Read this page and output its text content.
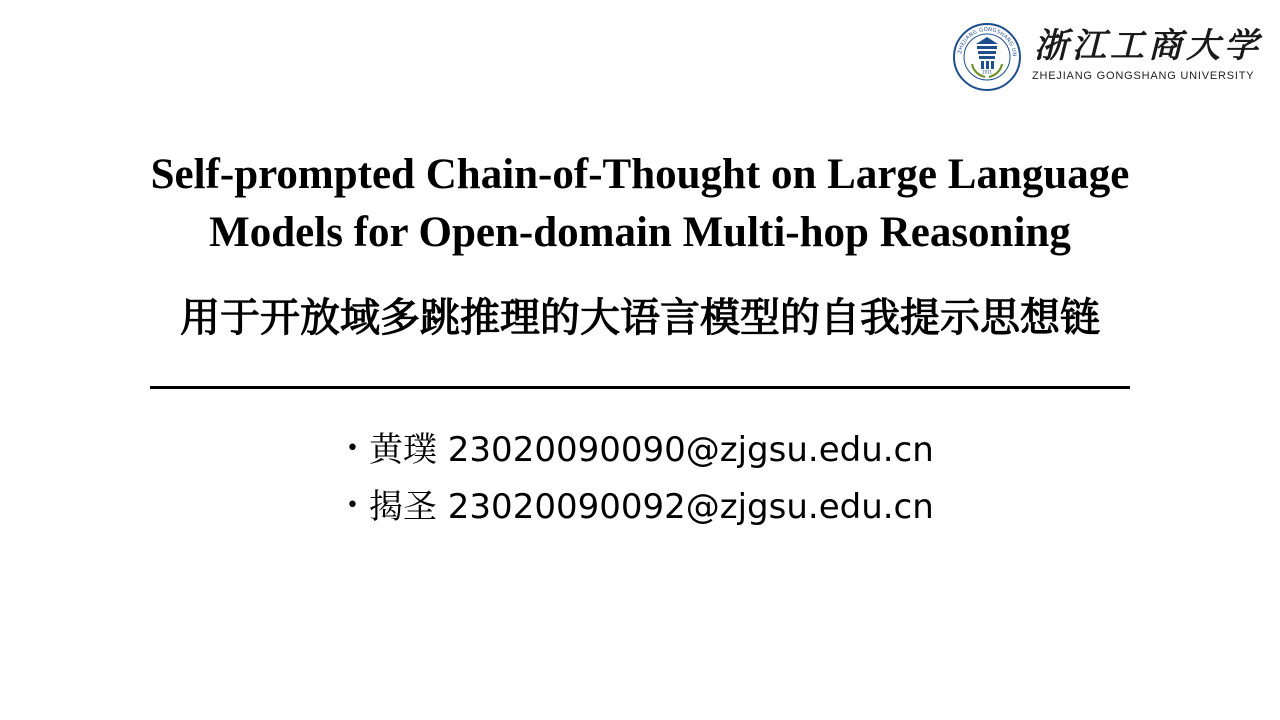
ZHEJIANG GONGSHANG UN
1911
浙江工商大学
ZHEJIANG GONGSHANG UNIVERSITY
Self-prompted Chain-of-Thought on Large Language
Models for Open-domain Multi-hop Reasoning
用于开放域多跳推理的大语言模型的自我提示思想链
• 黄璞 23020090090@zjgsu.edu.cn
• 揭圣 23020090092@zjgsu.edu.cn
